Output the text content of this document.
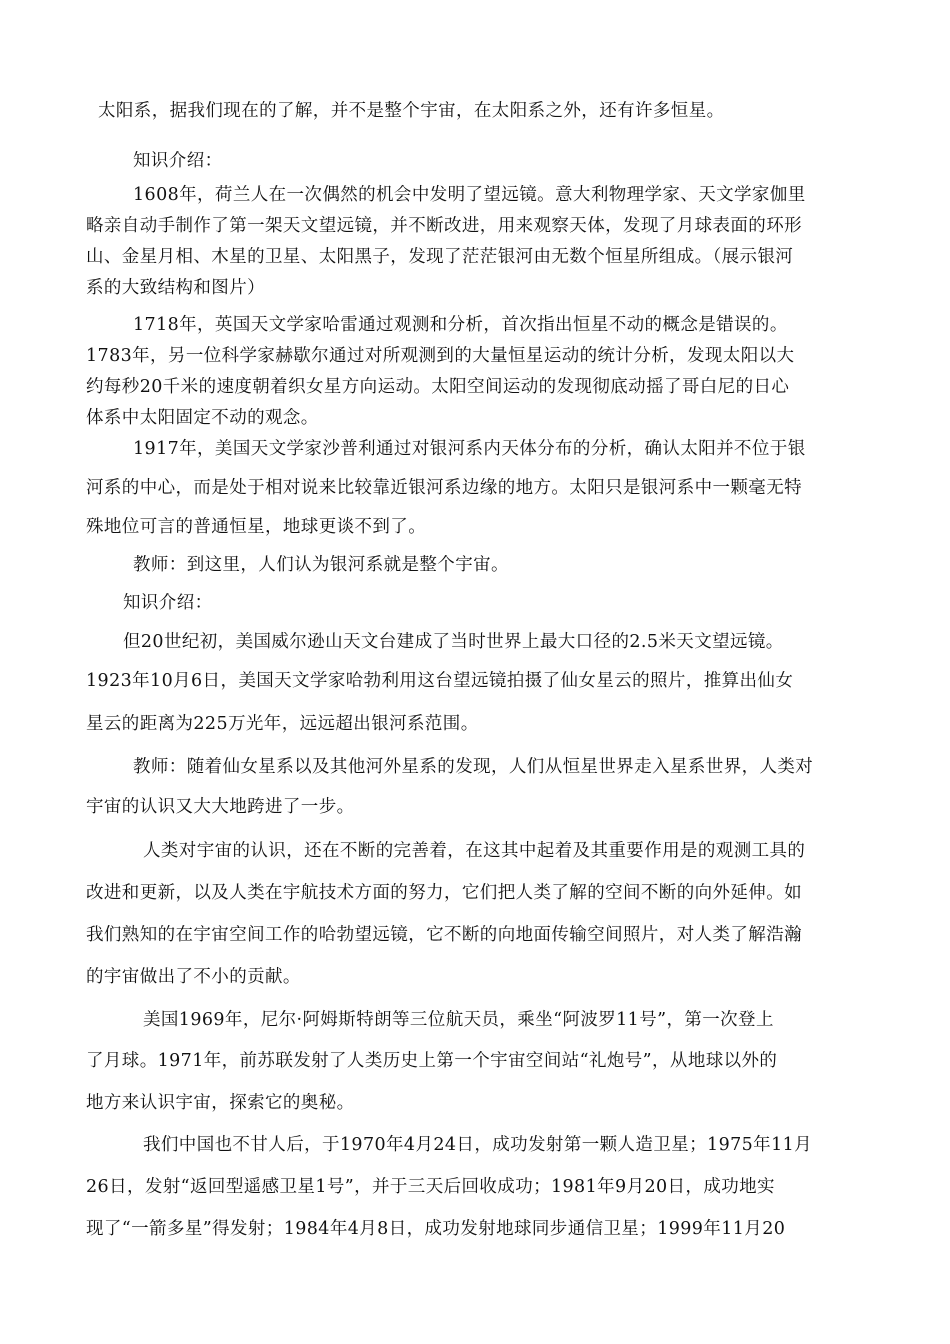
太阳系，据我们现在的了解，并不是整个宇宙，在太阳系之外，还有许多恒星。

知识介绍：

1608年，荷兰人在一次偶然的机会中发明了望远镜。意大利物理学家、天文学家伽里

略亲自动手制作了第一架天文望远镜，并不断改进，用来观察天体，发现了月球表面的环形

山、金星月相、木星的卫星、太阳黑子，发现了茫茫银河由无数个恒星所组成。（展示银河

系的大致结构和图片）

1718年，英国天文学家哈雷通过观测和分析，首次指出恒星不动的概念是错误的。

1783年，另一位科学家赫歇尔通过对所观测到的大量恒星运动的统计分析，发现太阳以大

约每秒20千米的速度朝着织女星方向运动。太阳空间运动的发现彻底动摇了哥白尼的日心

体系中太阳固定不动的观念。

1917年，美国天文学家沙普利通过对银河系内天体分布的分析，确认太阳并不位于银

河系的中心，而是处于相对说来比较靠近银河系边缘的地方。太阳只是银河系中一颗毫无特

殊地位可言的普通恒星，地球更谈不到了。

教师：到这里，人们认为银河系就是整个宇宙。

知识介绍：

但20世纪初，美国威尔逊山天文台建成了当时世界上最大口径的2.5米天文望远镜。

1923年10月6日，美国天文学家哈勃利用这台望远镜拍摄了仙女星云的照片，推算出仙女

星云的距离为225万光年，远远超出银河系范围。

教师：随着仙女星系以及其他河外星系的发现，人们从恒星世界走入星系世界，人类对

宇宙的认识又大大地跨进了一步。

人类对宇宙的认识，还在不断的完善着，在这其中起着及其重要作用是的观测工具的

改进和更新，以及人类在宇航技术方面的努力，它们把人类了解的空间不断的向外延伸。如

我们熟知的在宇宙空间工作的哈勃望远镜，它不断的向地面传输空间照片，对人类了解浩瀚

的宇宙做出了不小的贡献。

美国1969年，尼尔·阿姆斯特朗等三位航天员，乘坐“阿波罗11号”，第一次登上

了月球。1971年，前苏联发射了人类历史上第一个宇宙空间站“礼炮号”，从地球以外的

地方来认识宇宙，探索它的奥秘。

我们中国也不甘人后，于1970年4月24日，成功发射第一颗人造卫星；1975年11月

26日，发射“返回型遥感卫星1号”，并于三天后回收成功；1981年9月20日，成功地实

现了“一箭多星”得发射；1984年4月8日，成功发射地球同步通信卫星；1999年11月20
